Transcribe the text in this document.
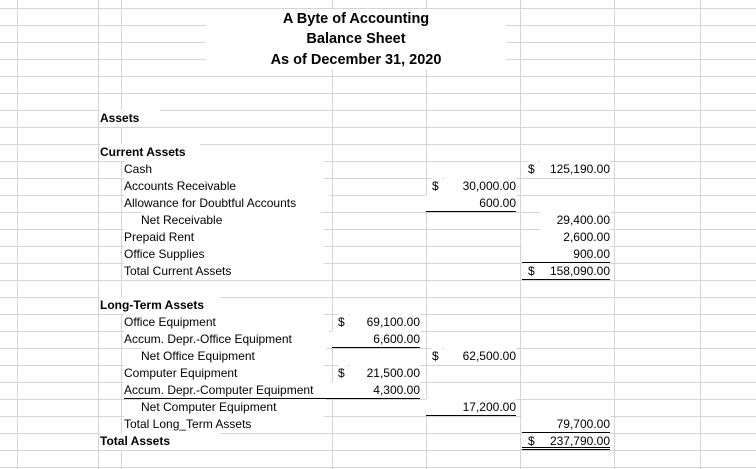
A Byte of Accounting
Balance Sheet
As of December 31, 2020
Assets
Current Assets
Cash	$	125,190.00
Accounts Receivable	$	30,000.00
Allowance for Doubtful Accounts	600.00
Net Receivable	29,400.00
Prepaid Rent	2,600.00
Office Supplies	900.00
Total Current Assets	$ 158,090.00
Long-Term Assets
Office Equipment	$	69,100.00
Accum. Depr.-Office Equipment	6,600.00
Net Office Equipment	$	62,500.00
Computer Equipment	$	21,500.00
Accum. Depr.-Computer Equipment	4,300.00
Net Computer Equipment	17,200.00
Total Long_Term Assets	79,700.00
Total Assets	$ 237,790.00
